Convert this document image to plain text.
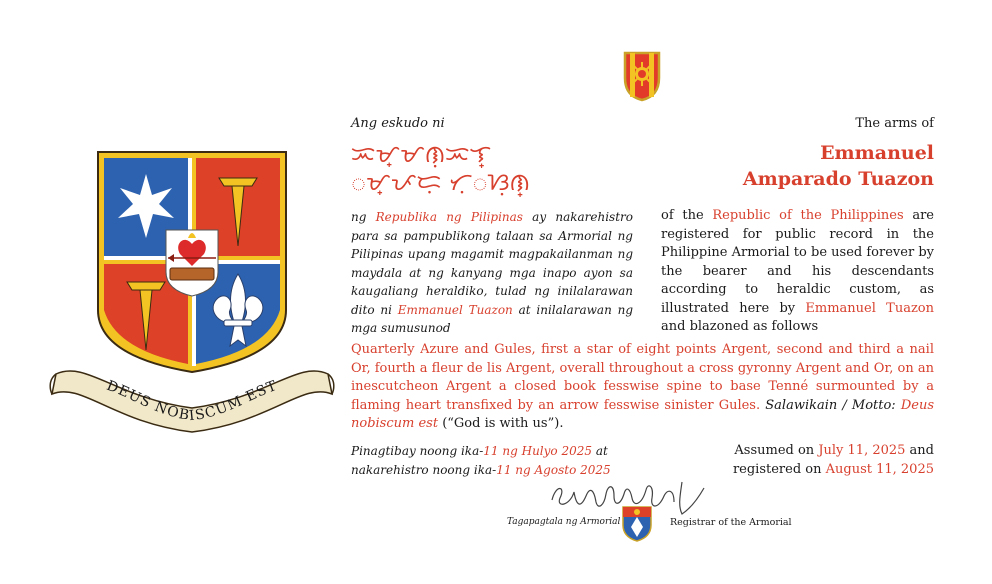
DEUS NOBISCUM EST
Ang eskudo ni	The arms of
ᜁᜋ᜔ᜋᜈᜓᜁᜎ᜔
ᜀᜋ᜔ᜉᜇᜓ ᜆᜓᜀᜐᜓᜈ᜔
Emmanuel
Amparado Tuazon
ng Republika ng Pilipinas ay nakarehistro para sa pampublikong talaan sa Armorial ng Pilipinas upang magamit magpakailanman ng maydala at ng kanyang mga inapo ayon sa kaugaliang heraldiko, tulad ng inilalarawan dito ni Emmanuel Tuazon at inilalarawan ng mga sumusunod
of the Republic of the Philippines are registered for public record in the Philippine Armorial to be used forever by the bearer and his descendants according to heraldic custom, as illustrated here by Emmanuel Tuazon and blazoned as follows
Quarterly Azure and Gules, first a star of eight points Argent, second and third a nail Or, fourth a fleur de lis Argent, overall throughout a cross gyronny Argent and Or, on an inescutcheon Argent a closed book fesswise spine to base Tenné surmounted by a flaming heart transfixed by an arrow fesswise sinister Gules. Salawikain / Motto: Deus nobiscum est (“God is with us”).
Pinagtibay noong ika-11 ng Hulyo 2025 at
nakarehistro noong ika-11 ng Agosto 2025
Assumed on July 11, 2025 and
registered on August 11, 2025
Tagapagtala ng Armorial	Registrar of the Armorial
